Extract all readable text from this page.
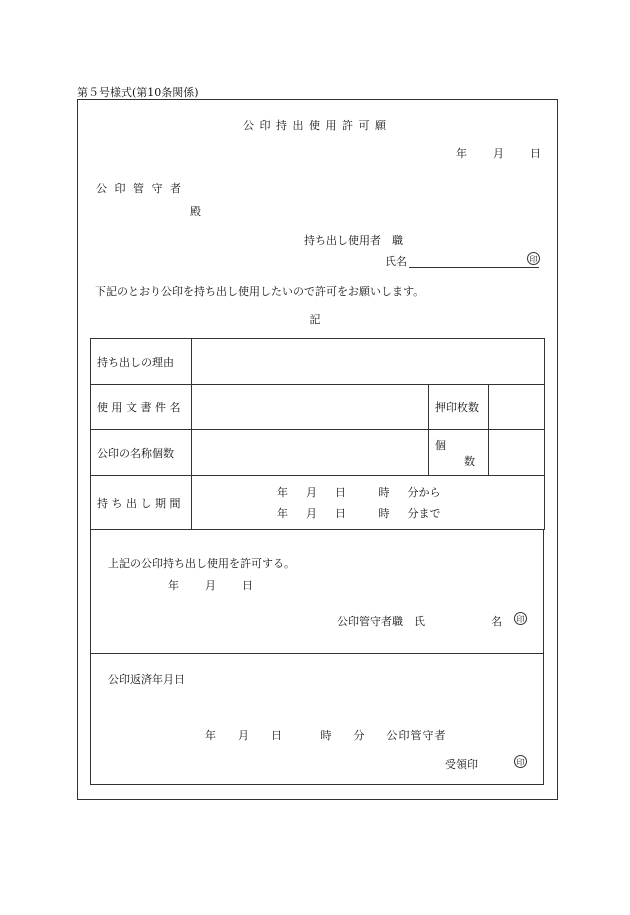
第５号様式(第10条関係)
公 印 持 出 使 用 許 可 願
年 　 月 　 日
公 印 管 守 者
殿
持ち出し使用者　職
氏名	印
下記のとおり公印を持ち出し使用したいので許可をお願いします。
記
持ち出しの理由			
使 用 文 書 件 名		押印枚数	
公印の名称個数		個 　 　 数	
持 ち 出 し 期 間	年 　 月 　 日 　 　 時 　 分から
年 　 月 　 日 　 　 時 　 分まで		
上記の公印持ち出し使用を許可する。
年 　 月 　 日
公印管守者職　氏	名	印
公印返済年月日
年 　 月 　 日 　 　 時 　 分 　 公印管守者
受領印	印
